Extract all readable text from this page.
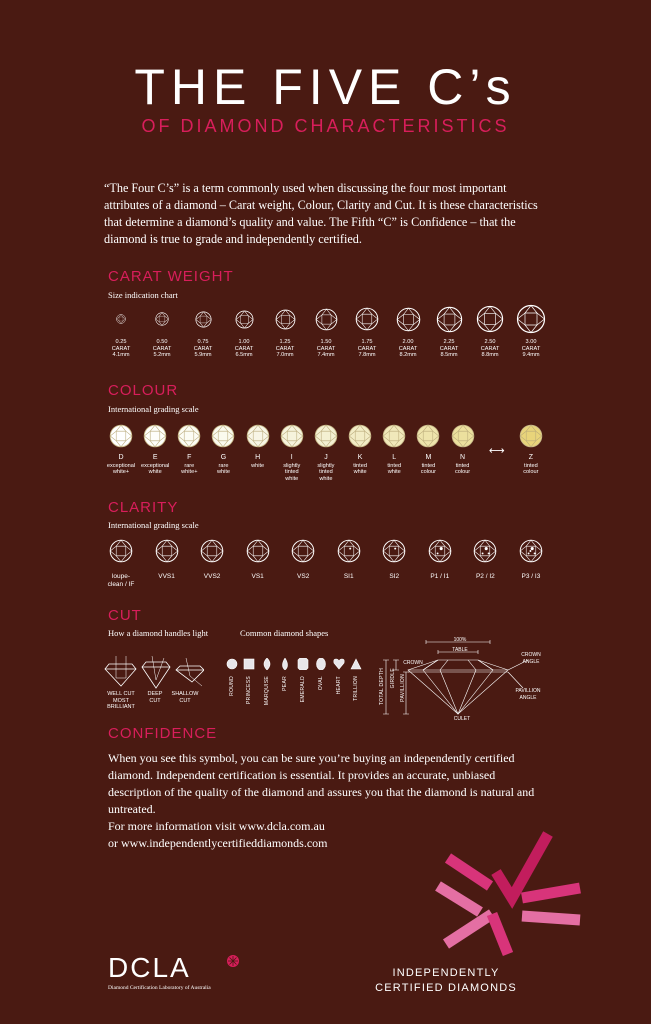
THE FIVE C’s
OF DIAMOND CHARACTERISTICS
“The Four C’s” is a term commonly used when discussing the four most important attributes of a diamond – Carat weight, Colour, Clarity and Cut. It is these characteristics that determine a diamond’s quality and value. The Fifth “C” is Confidence – that the diamond is true to grade and independently certified.
CARAT WEIGHT
Size indication chart
0.25
CARAT
4.1mm
0.50
CARAT
5.2mm
0.75
CARAT
5.9mm
1.00
CARAT
6.5mm
1.25
CARAT
7.0mm
1.50
CARAT
7.4mm
1.75
CARAT
7.8mm
2.00
CARAT
8.2mm
2.25
CARAT
8.5mm
2.50
CARAT
8.8mm
3.00
CARAT
9.4mm
COLOUR
International grading scale
D
exceptional
white+
E
exceptional
white
F
rare
white+
G
rare
white
H
white
I
slightly
tinted
white
J
slightly
tinted
white
K
tinted
white
L
tinted
white
M
tinted
colour
N
tinted
colour
⟷
Z
tinted
colour
CLARITY
International grading scale
loupe-
clean / IF
VVS1	VVS2	VS1	VS2	SI1	SI2	P1 / I1	P2 / I2	P3 / I3
CUT
How a diamond handles light	Common diamond shapes
WELL CUT
MOST
BRILLIANT
DEEP
CUT
SHALLOW
CUT
ROUND PRINCESS MARQUISE PEAR EMERALD OVAL HEART TRILLION
100%
TABLE
CROWN
CROWN
ANGLE
PAVILLION
ANGLE
CULET
TOTAL DEPTH GIRDLE PAVILLION
CONFIDENCE
When you see this symbol, you can be sure you’re buying an independently certified diamond. Independent certification is essential. It provides an accurate, unbiased description of the quality of the diamond and assures you that the diamond is natural and untreated.
For more information visit www.dcla.com.au
or www.independentlycertifieddiamonds.com
DCLA
Diamond Certification Laboratory of Australia
INDEPENDENTLY
CERTIFIED DIAMONDS
